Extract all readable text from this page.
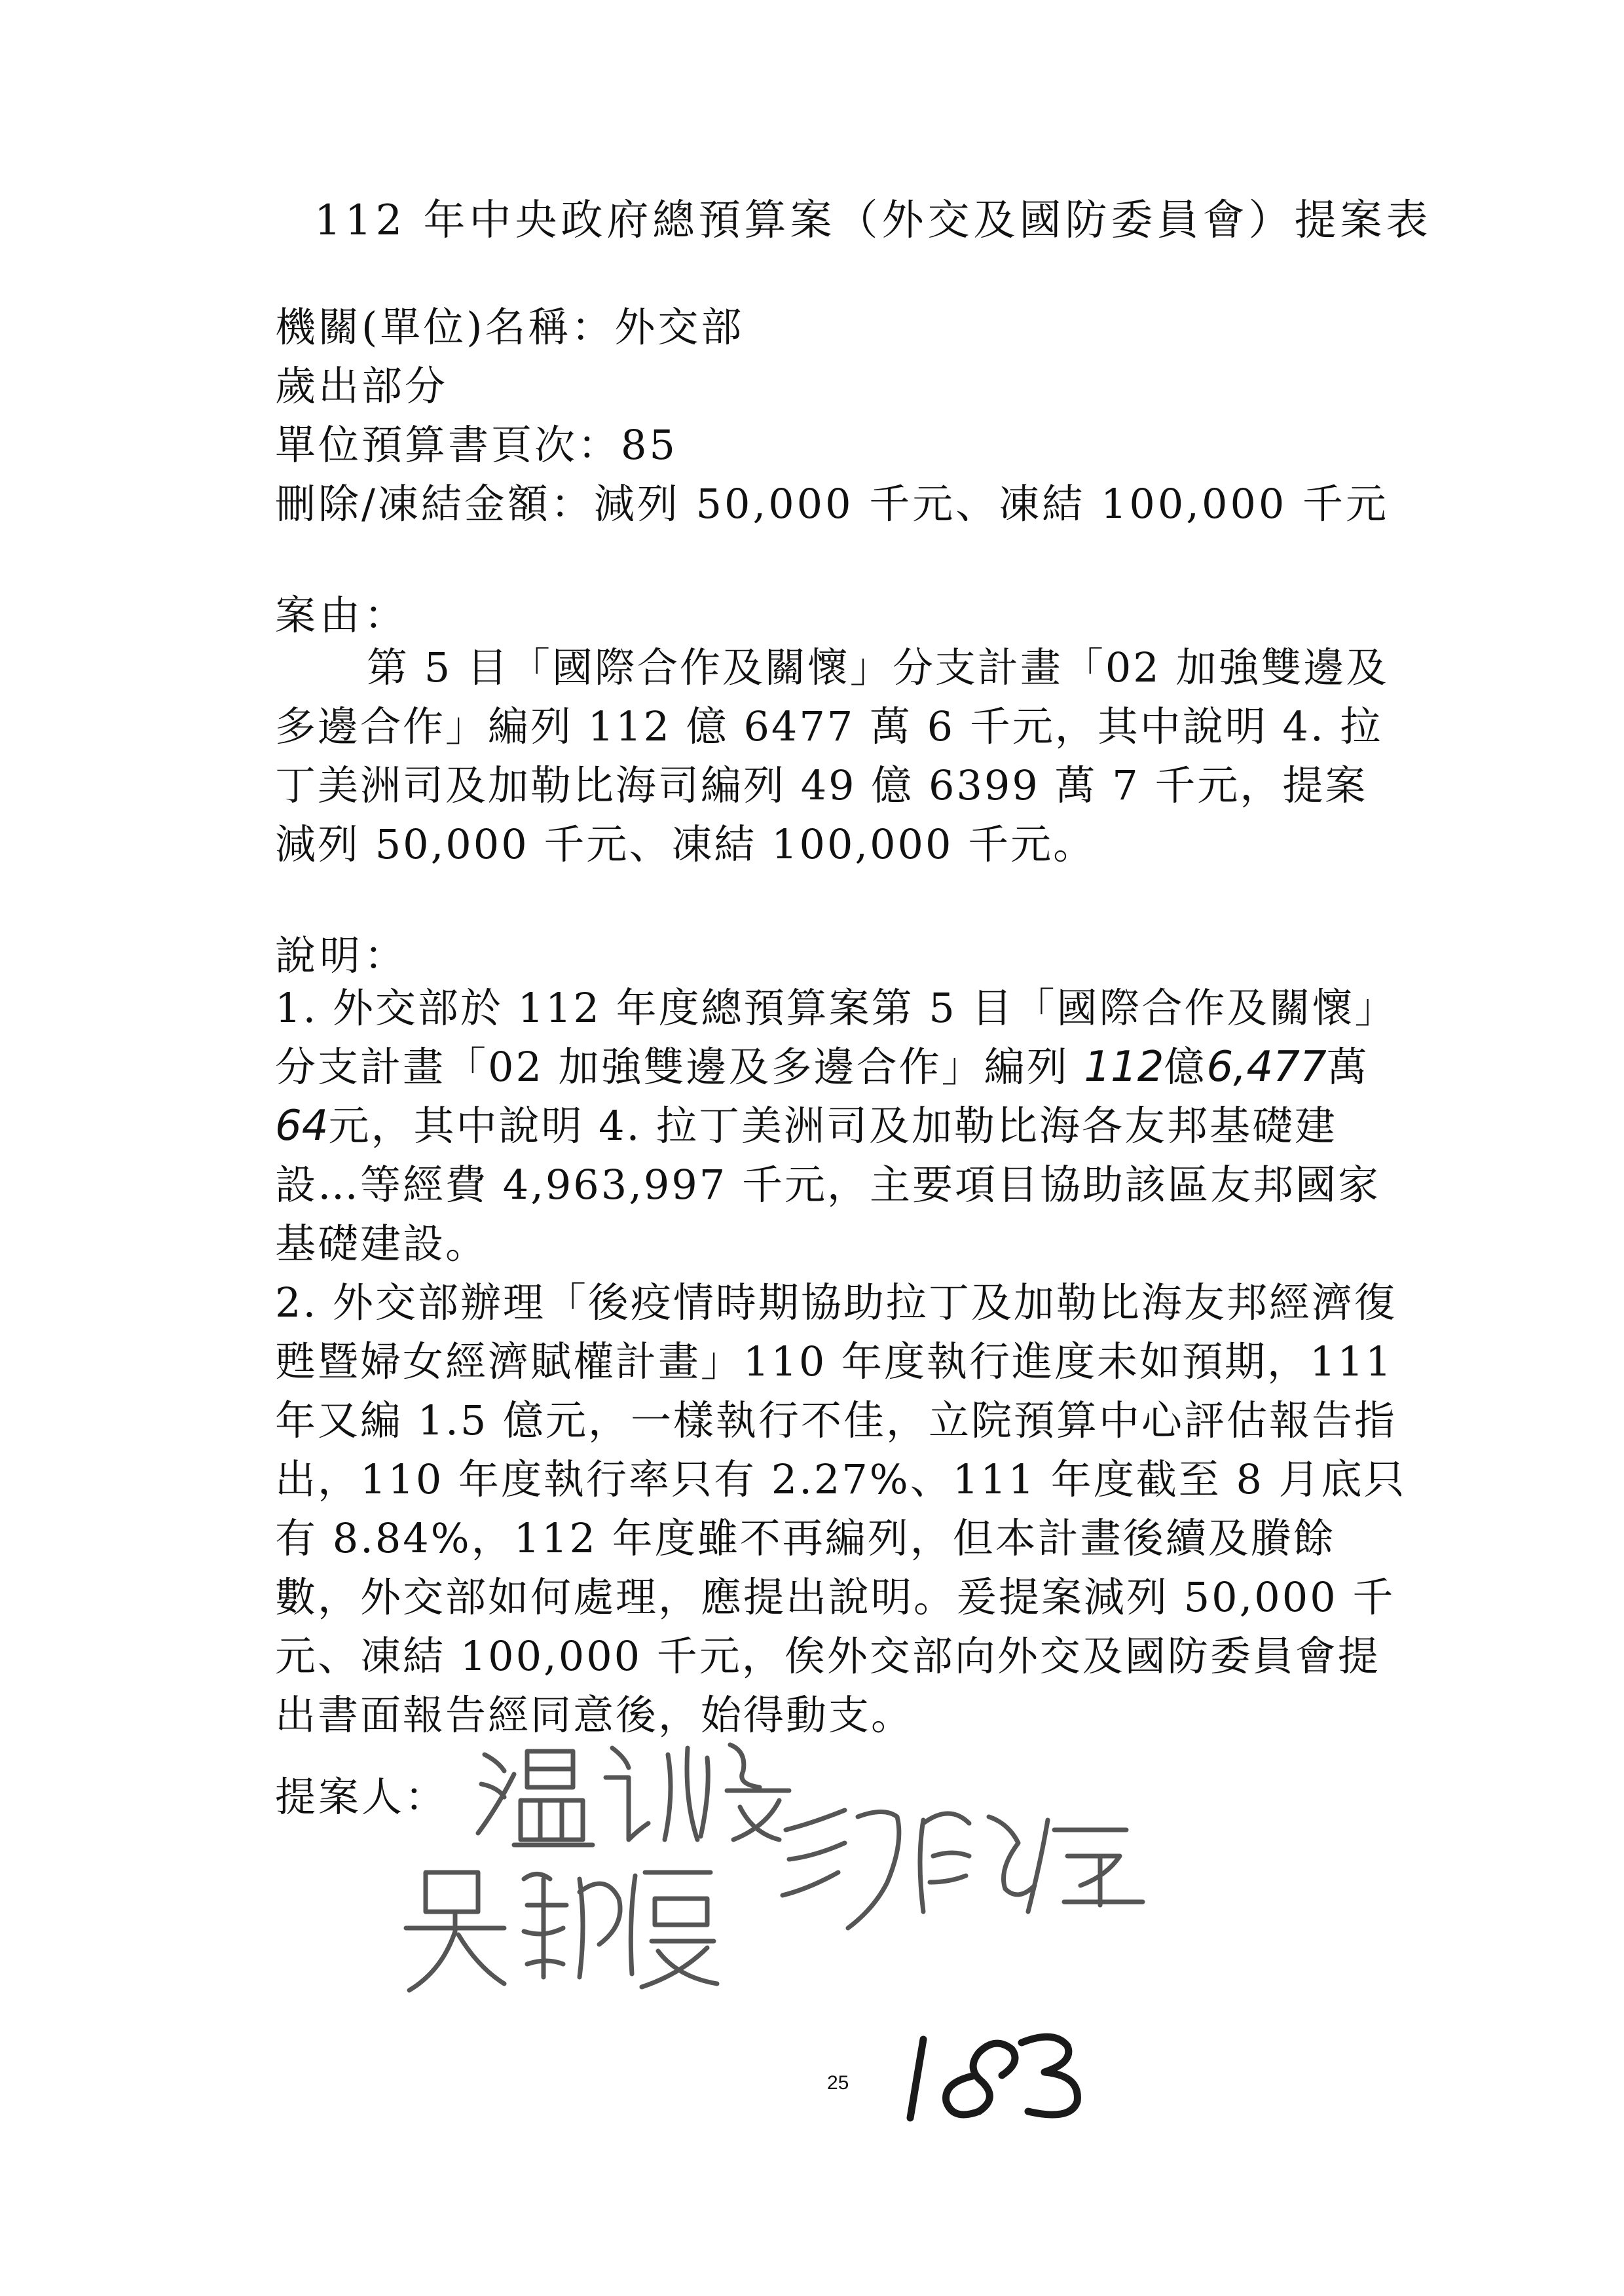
112 年中央政府總預算案（外交及國防委員會）提案表
機關(單位)名稱：外交部
歲出部分
單位預算書頁次：85
刪除/凍結金額：減列 50,000 千元、凍結 100,000 千元
案由：
第 5 目「國際合作及關懷」分支計畫「02 加強雙邊及多邊合作」編列 112 億 6477 萬 6 千元，其中說明 4. 拉丁美洲司及加勒比海司編列 49 億 6399 萬 7 千元，提案減列 50,000 千元、凍結 100,000 千元。
說明：

1. 外交部於 112 年度總預算案第 5 目「國際合作及關懷」分支計畫「02 加強雙邊及多邊合作」編列 112億6,477萬64元，其中說明 4. 拉丁美洲司及加勒比海各友邦基礎建設…等經費 4,963,997 千元，主要項目協助該區友邦國家基礎建設。

2. 外交部辦理「後疫情時期協助拉丁及加勒比海友邦經濟復甦暨婦女經濟賦權計畫」110 年度執行進度未如預期，111 年又編 1.5 億元，一樣執行不佳，立院預算中心評估報告指出，110 年度執行率只有 2.27%、111 年度截至 8 月底只有 8.84%，112 年度雖不再編列，但本計畫後續及賸餘數，外交部如何處理，應提出說明。爰提案減列 50,000 千元、凍結 100,000 千元，俟外交部向外交及國防委員會提出書面報告經同意後，始得動支。

提案人：
25
